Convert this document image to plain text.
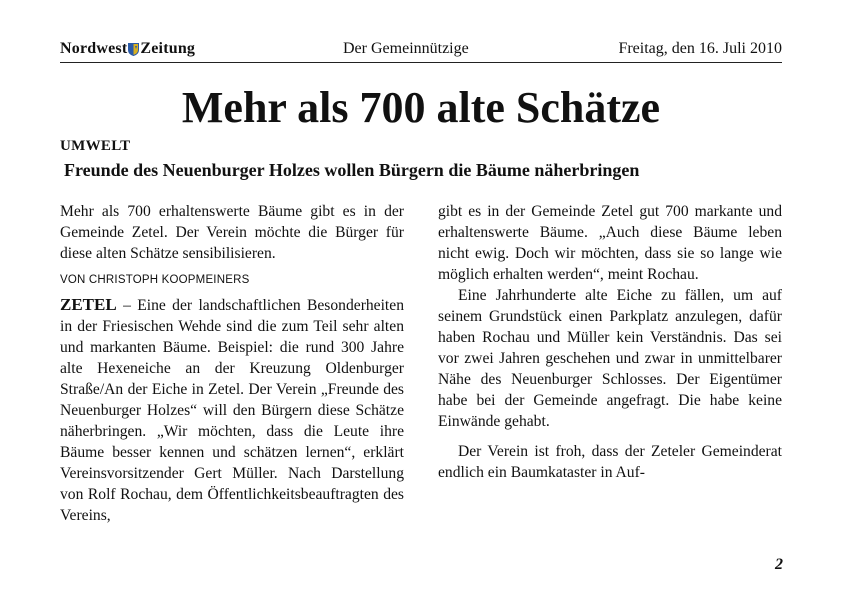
Nordwest Zeitung	Der Gemeinnützige	Freitag, den 16. Juli 2010
Mehr als 700 alte Schätze
UMWELT
Freunde des Neuenburger Holzes wollen Bürgern die Bäume näherbringen

Mehr als 700 erhaltenswerte Bäume gibt es in der Gemeinde Zetel. Der Verein möchte die Bürger für diese alten Schätze sensibilisieren.

VON CHRISTOPH KOOPMEINERS

ZETEL – Eine der landschaftlichen Besonderheiten in der Friesischen Wehde sind die zum Teil sehr alten und markanten Bäume. Beispiel: die rund 300 Jahre alte Hexeneiche an der Kreuzung Oldenburger Straße/An der Eiche in Zetel. Der Verein „Freunde des Neuenburger Holzes“ will den Bürgern diese Schätze näherbringen. „Wir möchten, dass die Leute ihre Bäume besser kennen und schätzen lernen“, erklärt Vereinsvorsitzender Gert Müller. Nach Darstellung von Rolf Rochau, dem Öffentlichkeitsbeauftragten des Vereins,

gibt es in der Gemeinde Zetel gut 700 markante und erhaltenswerte Bäume. „Auch diese Bäume leben nicht ewig. Doch wir möchten, dass sie so lange wie möglich erhalten werden“, meint Rochau.

Eine Jahrhunderte alte Eiche zu fällen, um auf seinem Grundstück einen Parkplatz anzulegen, dafür haben Rochau und Müller kein Verständnis. Das sei vor zwei Jahren geschehen und zwar in unmittelbarer Nähe des Neuenburger Schlosses. Der Eigentümer habe bei der Gemeinde angefragt. Die habe keine Einwände gehabt.

Der Verein ist froh, dass der Zeteler Gemeinderat endlich ein Baumkataster in Auf-

2
